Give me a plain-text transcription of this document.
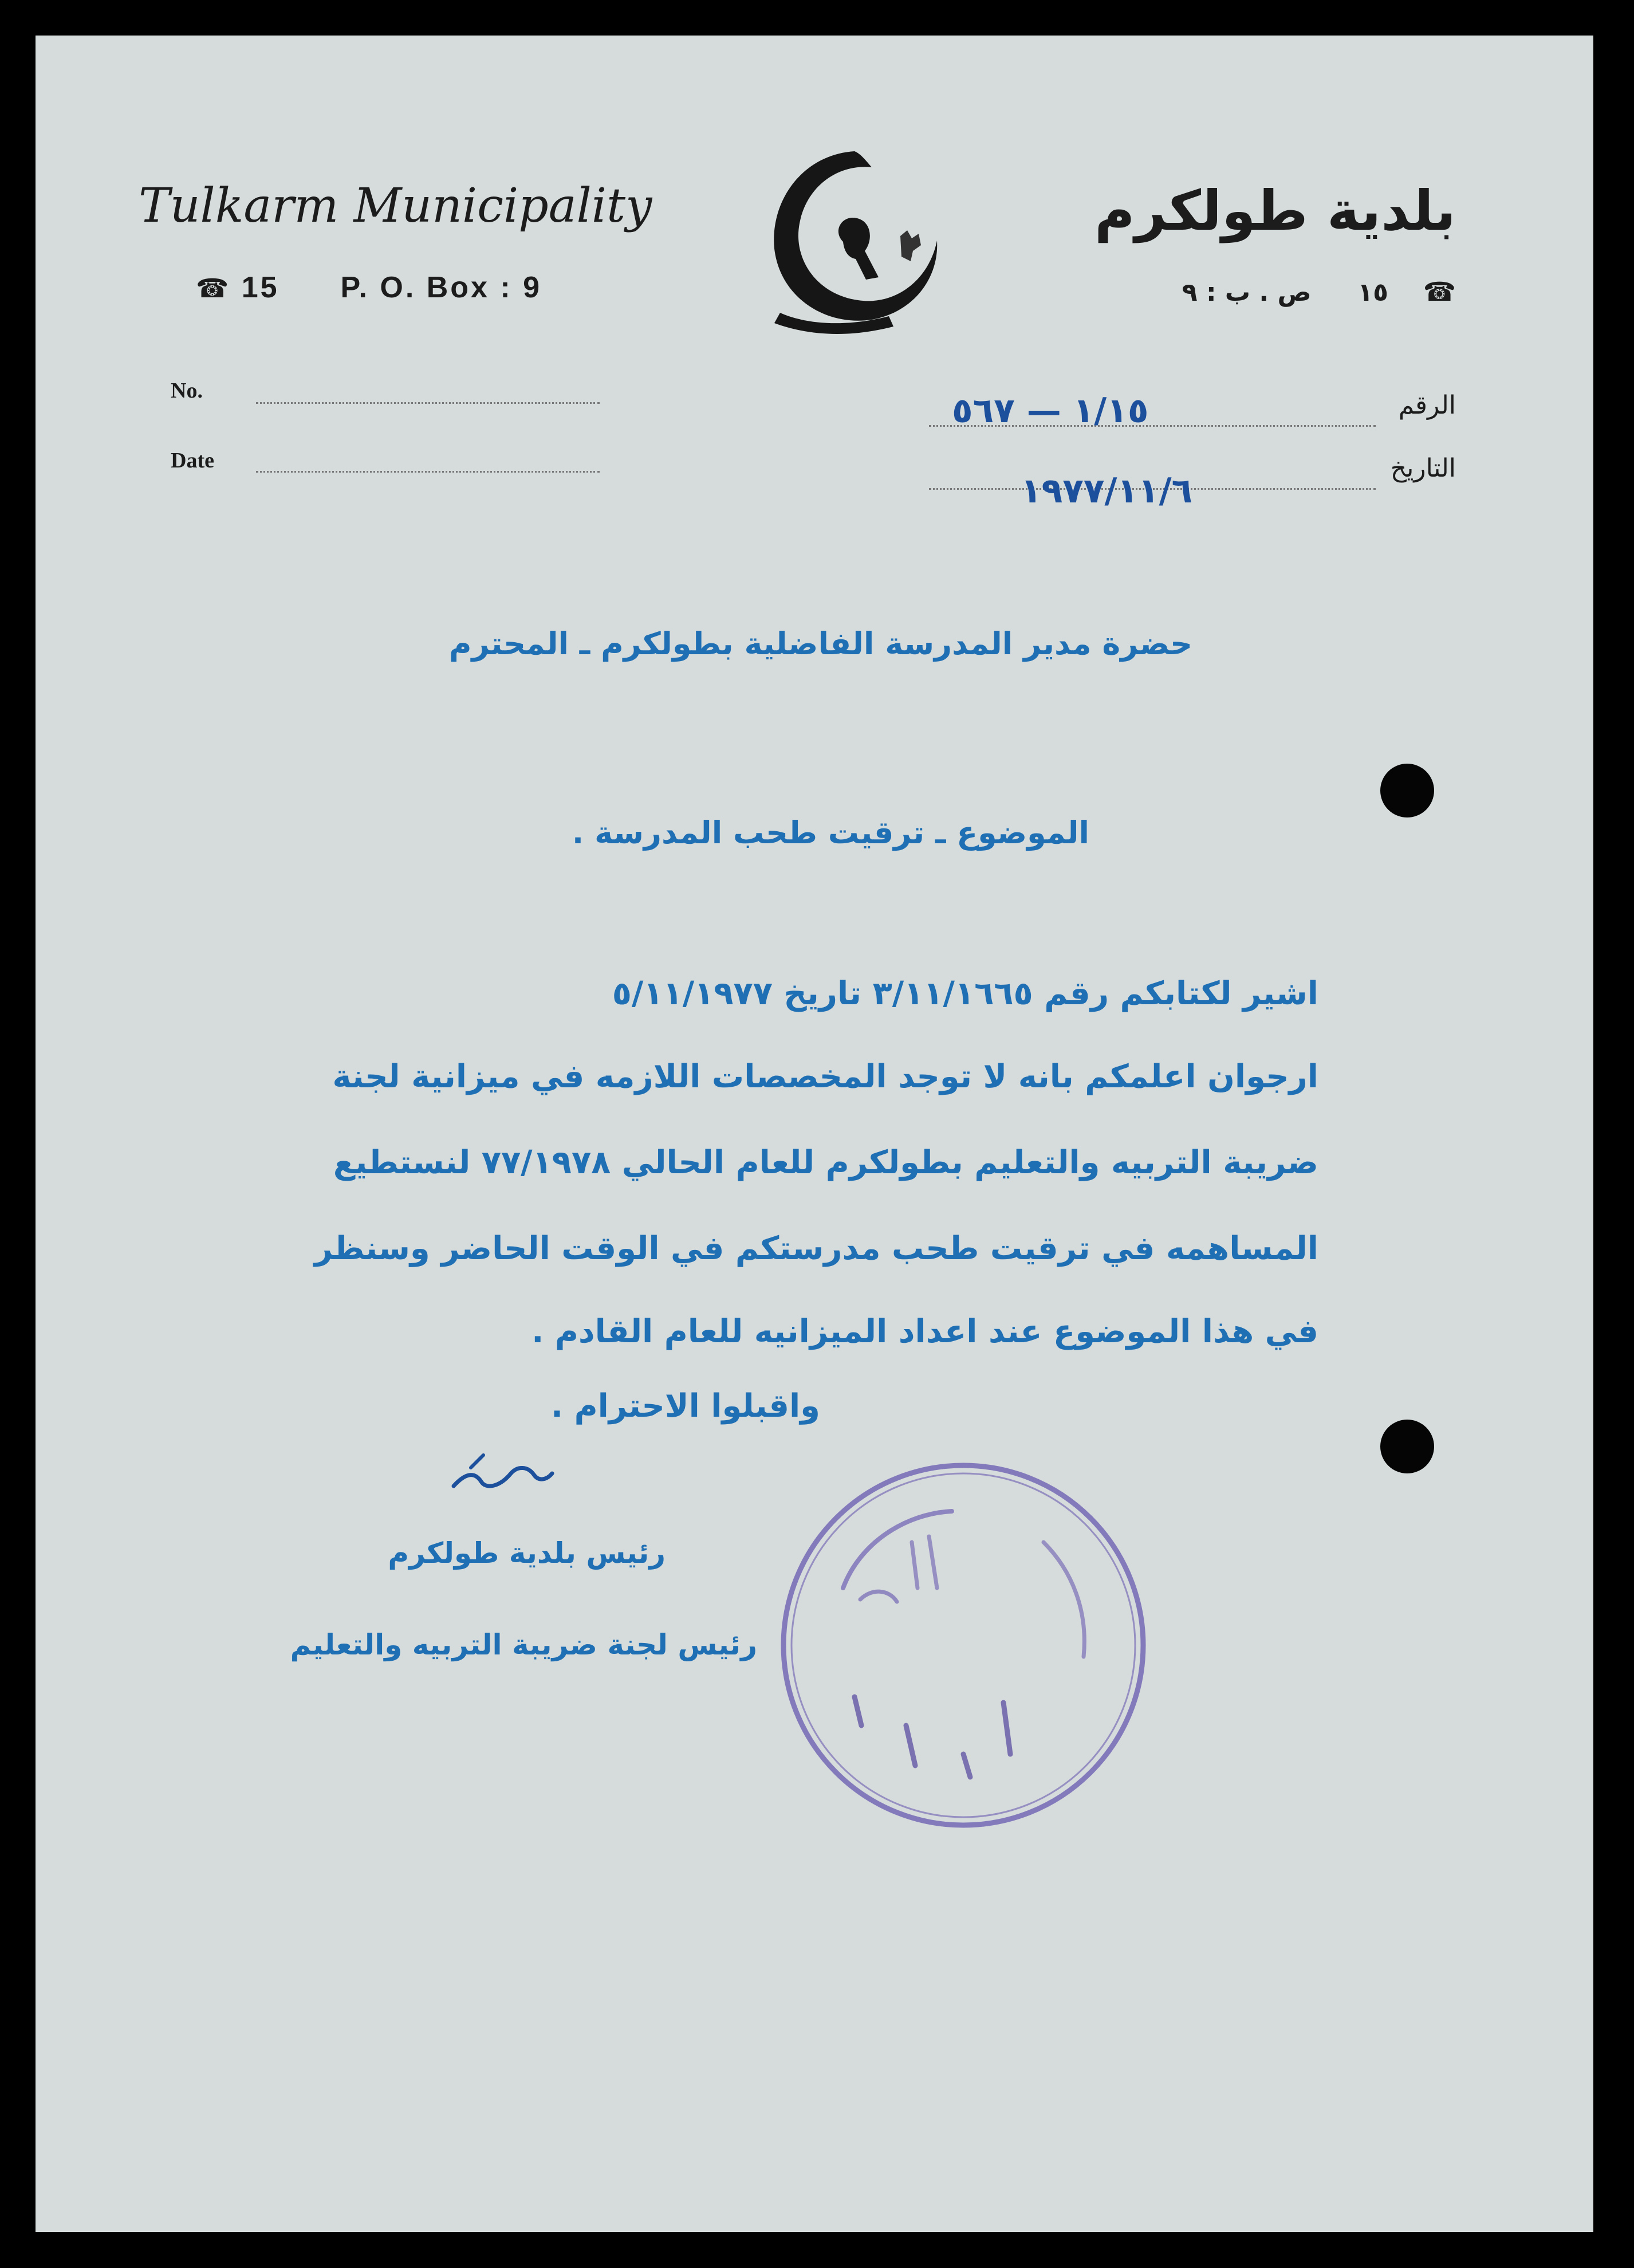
Tulkarm Municipality
☎ 15 P. O. Box : 9
No.
Date
بلدية طولكرم
☎  ١٥  ص . ب : ٩
الرقم
التاريخ
١/١٥ — ٥٦٧
١٩٧٧/١١/٦
حضرة مدير المدرسة الفاضلية بطولكرم ـ المحترم
الموضوع ـ ترقيت طحب المدرسة .
اشير لكتابكم رقم ٣/١١/١٦٦٥ تاريخ ٥/١١/١٩٧٧
ارجوان اعلمكم بانه لا توجد المخصصات اللازمه في ميزانية لجنة
ضريبة التربيه والتعليم بطولكرم للعام الحالي ٧٧/١٩٧٨ لنستطيع
المساهمه في ترقيت طحب مدرستكم في الوقت الحاضر وسنظر
في هذا الموضوع عند اعداد الميزانيه للعام القادم .
واقبلوا الاحترام .
رئيس بلدية طولكرم
رئيس لجنة ضريبة التربيه والتعليم
